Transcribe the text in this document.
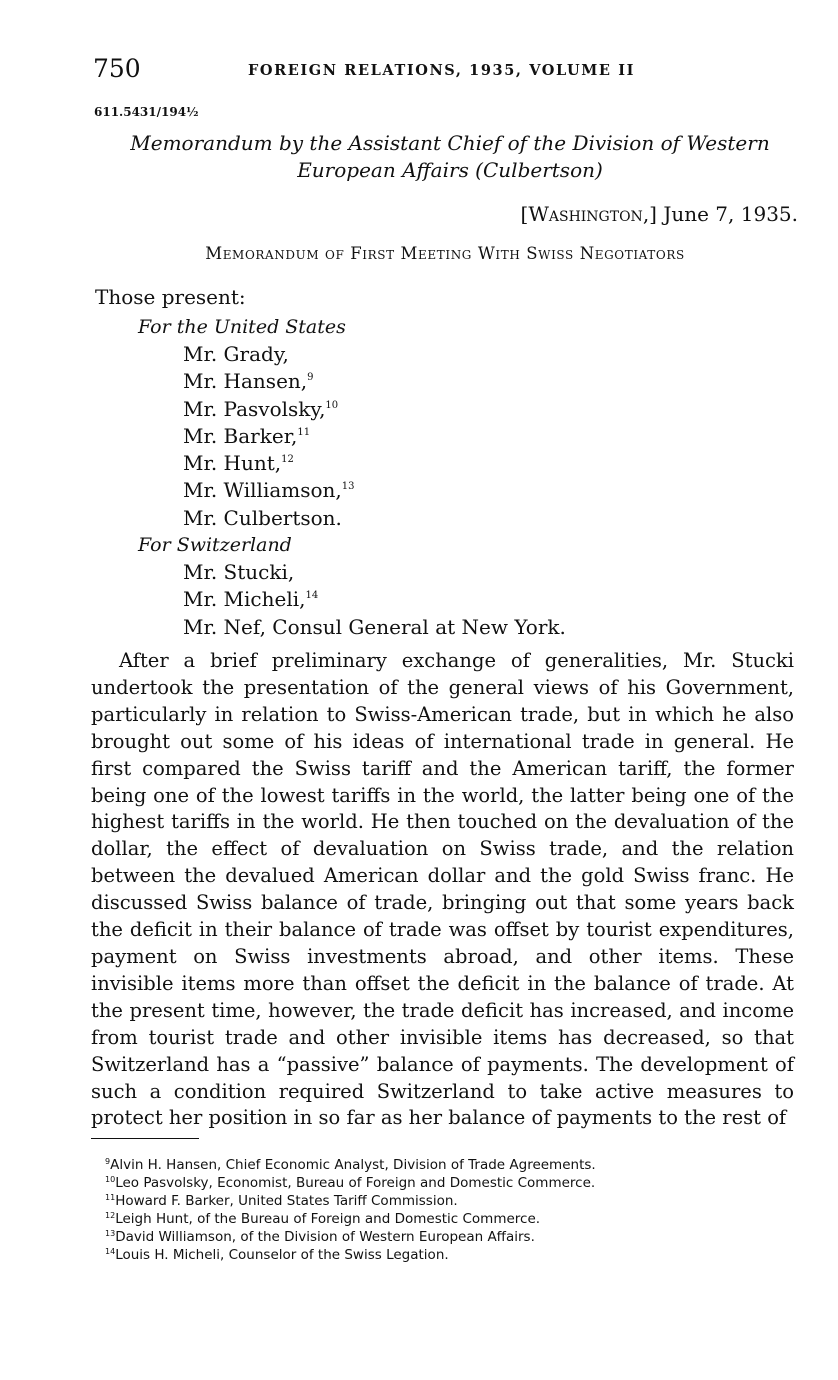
750	FOREIGN RELATIONS, 1935, VOLUME II
611.5431/194½
Memorandum by the Assistant Chief of the Division of Western European Affairs (Culbertson)
[Washington,] June 7, 1935.
Memorandum of First Meeting With Swiss Negotiators
Those present:
For the United States
Mr. Grady,
Mr. Hansen,$^9$
Mr. Pasvolsky,$^{10}$
Mr. Barker,$^{11}$
Mr. Hunt,$^{12}$
Mr. Williamson,$^{13}$
Mr. Culbertson.
For Switzerland
Mr. Stucki,
Mr. Micheli,$^{14}$
Mr. Nef, Consul General at New York.
After a brief preliminary exchange of generalities, Mr. Stucki undertook the presentation of the general views of his Government, particularly in relation to Swiss-American trade, but in which he also brought out some of his ideas of international trade in general. He first compared the Swiss tariff and the American tariff, the former being one of the lowest tariffs in the world, the latter being one of the highest tariffs in the world. He then touched on the devaluation of the dollar, the effect of devaluation on Swiss trade, and the relation between the devalued American dollar and the gold Swiss franc. He discussed Swiss balance of trade, bringing out that some years back the deficit in their balance of trade was offset by tourist expenditures, payment on Swiss investments abroad, and other items. These invisible items more than offset the deficit in the balance of trade. At the present time, however, the trade deficit has increased, and income from tourist trade and other invisible items has decreased, so that Switzerland has a “passive” balance of payments. The development of such a condition required Switzerland to take active measures to protect her position in so far as her balance of payments to the rest of
$^9$Alvin H. Hansen, Chief Economic Analyst, Division of Trade Agreements.
$^{10}$Leo Pasvolsky, Economist, Bureau of Foreign and Domestic Commerce.
$^{11}$Howard F. Barker, United States Tariff Commission.
$^{12}$Leigh Hunt, of the Bureau of Foreign and Domestic Commerce.
$^{13}$David Williamson, of the Division of Western European Affairs.
$^{14}$Louis H. Micheli, Counselor of the Swiss Legation.
